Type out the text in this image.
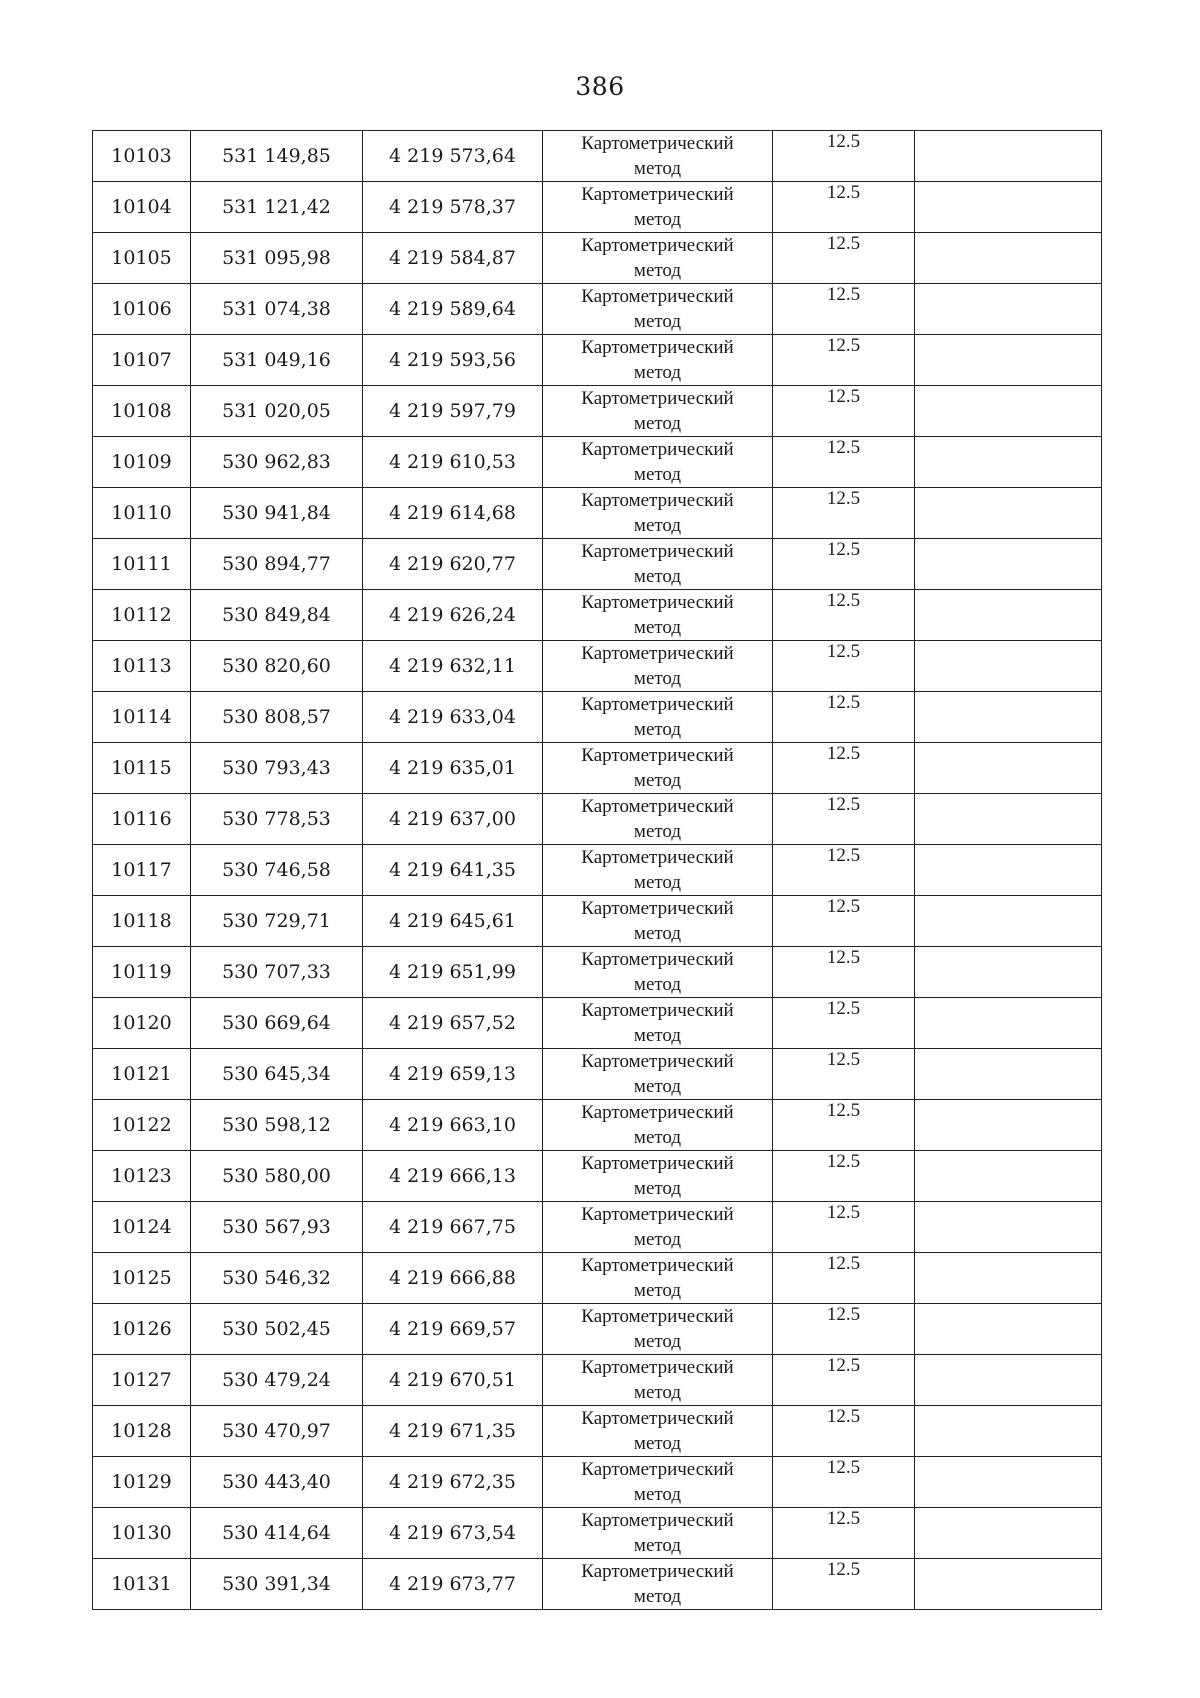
386
10103	531 149,85	4 219 573,64	Картометрический
метод	12.5	
10104	531 121,42	4 219 578,37	Картометрический
метод	12.5	
10105	531 095,98	4 219 584,87	Картометрический
метод	12.5	
10106	531 074,38	4 219 589,64	Картометрический
метод	12.5	
10107	531 049,16	4 219 593,56	Картометрический
метод	12.5	
10108	531 020,05	4 219 597,79	Картометрический
метод	12.5	
10109	530 962,83	4 219 610,53	Картометрический
метод	12.5	
10110	530 941,84	4 219 614,68	Картометрический
метод	12.5	
10111	530 894,77	4 219 620,77	Картометрический
метод	12.5	
10112	530 849,84	4 219 626,24	Картометрический
метод	12.5	
10113	530 820,60	4 219 632,11	Картометрический
метод	12.5	
10114	530 808,57	4 219 633,04	Картометрический
метод	12.5	
10115	530 793,43	4 219 635,01	Картометрический
метод	12.5	
10116	530 778,53	4 219 637,00	Картометрический
метод	12.5	
10117	530 746,58	4 219 641,35	Картометрический
метод	12.5	
10118	530 729,71	4 219 645,61	Картометрический
метод	12.5	
10119	530 707,33	4 219 651,99	Картометрический
метод	12.5	
10120	530 669,64	4 219 657,52	Картометрический
метод	12.5	
10121	530 645,34	4 219 659,13	Картометрический
метод	12.5	
10122	530 598,12	4 219 663,10	Картометрический
метод	12.5	
10123	530 580,00	4 219 666,13	Картометрический
метод	12.5	
10124	530 567,93	4 219 667,75	Картометрический
метод	12.5	
10125	530 546,32	4 219 666,88	Картометрический
метод	12.5	
10126	530 502,45	4 219 669,57	Картометрический
метод	12.5	
10127	530 479,24	4 219 670,51	Картометрический
метод	12.5	
10128	530 470,97	4 219 671,35	Картометрический
метод	12.5	
10129	530 443,40	4 219 672,35	Картометрический
метод	12.5	
10130	530 414,64	4 219 673,54	Картометрический
метод	12.5	
10131	530 391,34	4 219 673,77	Картометрический
метод	12.5	
